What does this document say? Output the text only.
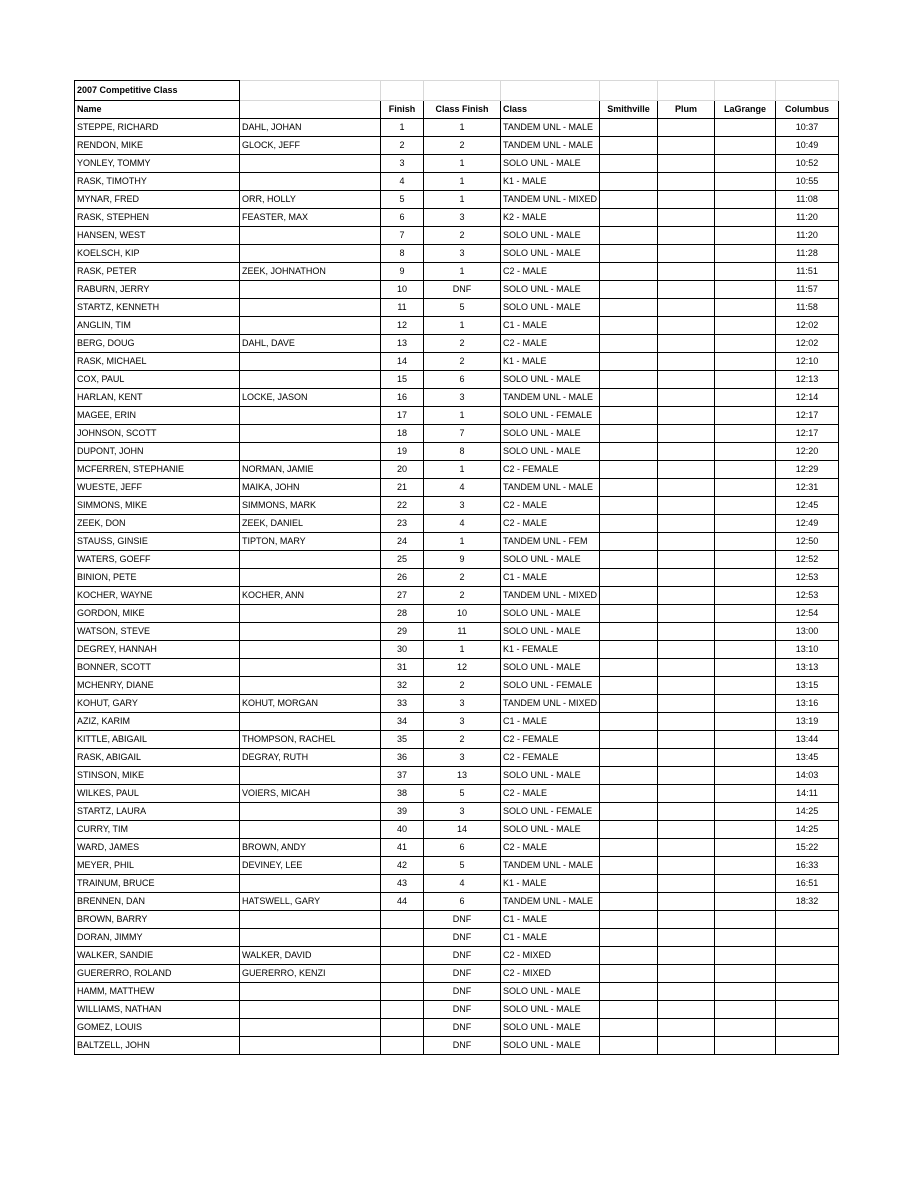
2007 Competitive Class								
Name		Finish	Class Finish	Class	Smithville	Plum	LaGrange	Columbus
STEPPE, RICHARD	DAHL, JOHAN	1	1	TANDEM UNL - MALE				10:37
RENDON, MIKE	GLOCK, JEFF	2	2	TANDEM UNL - MALE				10:49
YONLEY, TOMMY		3	1	SOLO UNL - MALE				10:52
RASK, TIMOTHY		4	1	K1 - MALE				10:55
MYNAR, FRED	ORR, HOLLY	5	1	TANDEM UNL - MIXED				11:08
RASK, STEPHEN	FEASTER, MAX	6	3	K2 - MALE				11:20
HANSEN, WEST		7	2	SOLO UNL - MALE				11:20
KOELSCH, KIP		8	3	SOLO UNL - MALE				11:28
RASK, PETER	ZEEK, JOHNATHON	9	1	C2 - MALE				11:51
RABURN, JERRY		10	DNF	SOLO UNL - MALE				11:57
STARTZ, KENNETH		11	5	SOLO UNL - MALE				11:58
ANGLIN, TIM		12	1	C1 - MALE				12:02
BERG, DOUG	DAHL, DAVE	13	2	C2 - MALE				12:02
RASK, MICHAEL		14	2	K1 - MALE				12:10
COX, PAUL		15	6	SOLO UNL - MALE				12:13
HARLAN, KENT	LOCKE, JASON	16	3	TANDEM UNL - MALE				12:14
MAGEE, ERIN		17	1	SOLO UNL - FEMALE				12:17
JOHNSON, SCOTT		18	7	SOLO UNL - MALE				12:17
DUPONT, JOHN		19	8	SOLO UNL - MALE				12:20
MCFERREN, STEPHANIE	NORMAN, JAMIE	20	1	C2 - FEMALE				12:29
WUESTE, JEFF	MAIKA, JOHN	21	4	TANDEM UNL - MALE				12:31
SIMMONS, MIKE	SIMMONS, MARK	22	3	C2 - MALE				12:45
ZEEK, DON	ZEEK, DANIEL	23	4	C2 - MALE				12:49
STAUSS, GINSIE	TIPTON, MARY	24	1	TANDEM UNL - FEM				12:50
WATERS, GOEFF		25	9	SOLO UNL - MALE				12:52
BINION, PETE		26	2	C1 - MALE				12:53
KOCHER, WAYNE	KOCHER, ANN	27	2	TANDEM UNL - MIXED				12:53
GORDON, MIKE		28	10	SOLO UNL - MALE				12:54
WATSON, STEVE		29	11	SOLO UNL - MALE				13:00
DEGREY, HANNAH		30	1	K1 - FEMALE				13:10
BONNER, SCOTT		31	12	SOLO UNL - MALE				13:13
MCHENRY, DIANE		32	2	SOLO UNL - FEMALE				13:15
KOHUT, GARY	KOHUT, MORGAN	33	3	TANDEM UNL - MIXED				13:16
AZIZ, KARIM		34	3	C1 - MALE				13:19
KITTLE, ABIGAIL	THOMPSON, RACHEL	35	2	C2 - FEMALE				13:44
RASK, ABIGAIL	DEGRAY, RUTH	36	3	C2 - FEMALE				13:45
STINSON, MIKE		37	13	SOLO UNL - MALE				14:03
WILKES, PAUL	VOIERS, MICAH	38	5	C2 - MALE				14:11
STARTZ, LAURA		39	3	SOLO UNL - FEMALE				14:25
CURRY, TIM		40	14	SOLO UNL - MALE				14:25
WARD, JAMES	BROWN, ANDY	41	6	C2 - MALE				15:22
MEYER, PHIL	DEVINEY, LEE	42	5	TANDEM UNL - MALE				16:33
TRAINUM, BRUCE		43	4	K1 - MALE				16:51
BRENNEN, DAN	HATSWELL, GARY	44	6	TANDEM UNL - MALE				18:32
BROWN, BARRY			DNF	C1 - MALE				
DORAN, JIMMY			DNF	C1 - MALE				
WALKER, SANDIE	WALKER, DAVID		DNF	C2 - MIXED				
GUERERRO, ROLAND	GUERERRO, KENZI		DNF	C2 - MIXED				
HAMM, MATTHEW			DNF	SOLO UNL - MALE				
WILLIAMS, NATHAN			DNF	SOLO UNL - MALE				
GOMEZ, LOUIS			DNF	SOLO UNL - MALE				
BALTZELL, JOHN			DNF	SOLO UNL - MALE				
